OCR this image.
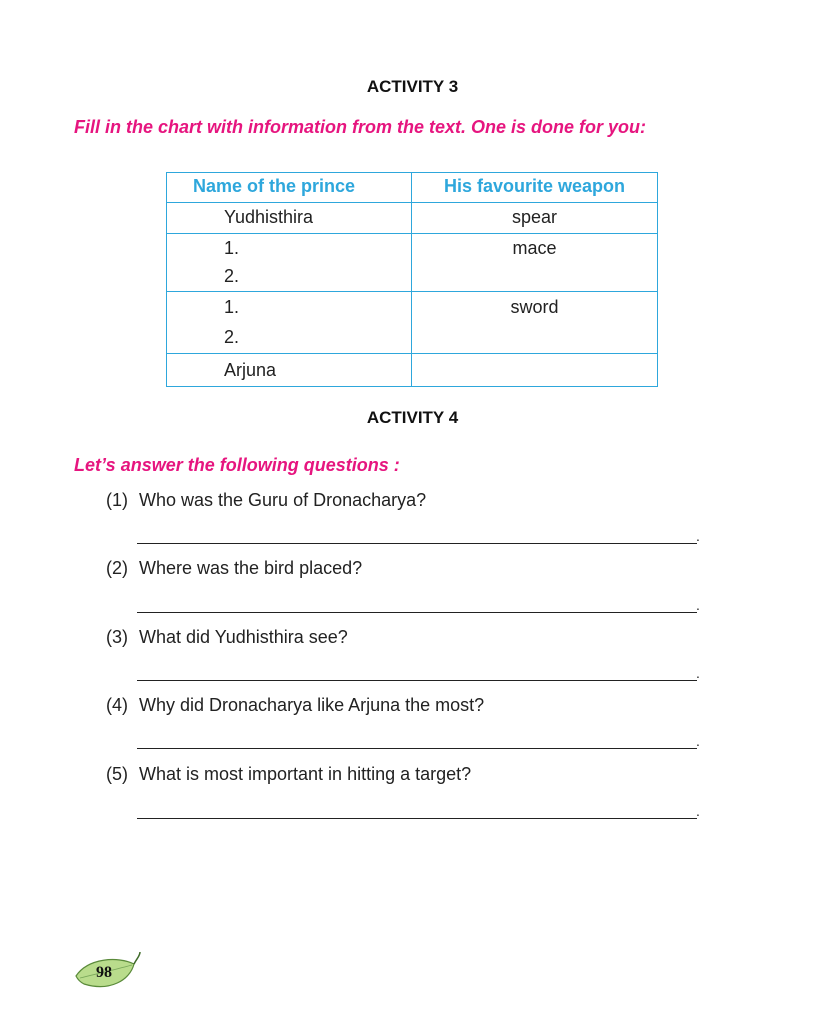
ACTIVITY 3
Fill in the chart with information from the text. One is done for you:
Name of the prince	His favourite weapon
Yudhisthira	spear
1.
2.
mace
1.
2.
sword
Arjuna
ACTIVITY 4
Let’s answer the following questions :
(1) Who was the Guru of Dronacharya?
.
(2) Where was the bird placed?
.
(3) What did Yudhisthira see?
.
(4) Why did Dronacharya like Arjuna the most?
.
(5) What is most important in hitting a target?
.
98
